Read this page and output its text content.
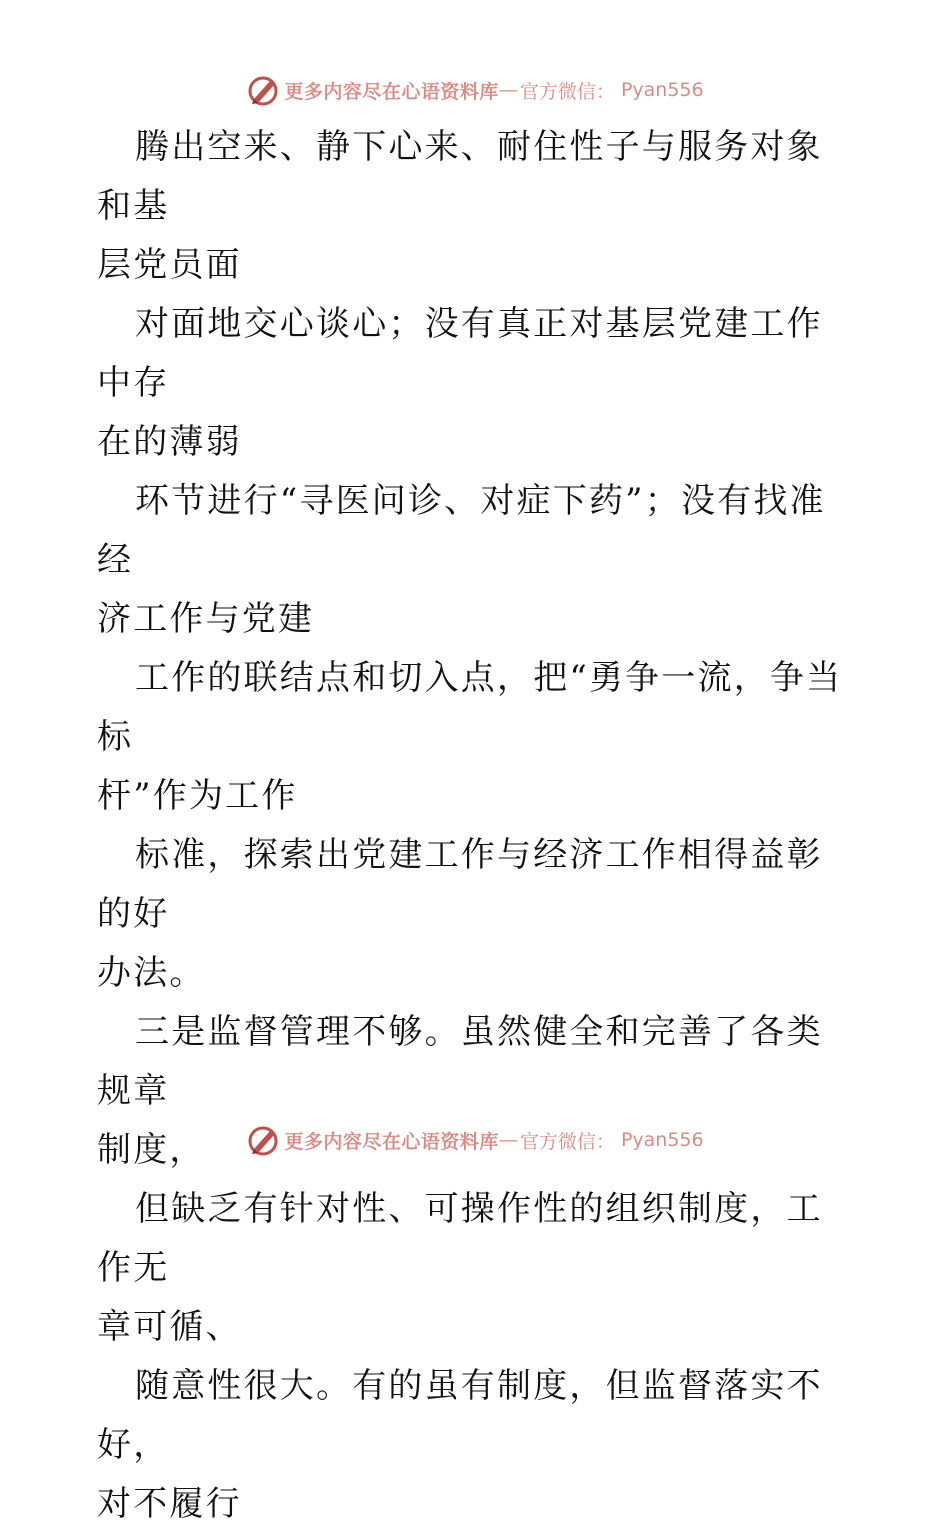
更多内容尽在心语资料库 — 官方微信： Pyan556

腾出空来、静下心来、耐住性子与服务对象和基

层党员面

对面地交心谈心；没有真正对基层党建工作中存

在的薄弱

环节进行“寻医问诊、对症下药”；没有找准经

济工作与党建

工作的联结点和切入点，把“勇争一流，争当标

杆”作为工作

标准，探索出党建工作与经济工作相得益彰的好

办法。

三是监督管理不够。虽然健全和完善了各类规章

制度，

但缺乏有针对性、可操作性的组织制度，工作无

章可循、

随意性很大。有的虽有制度，但监督落实不好，

对不履行

更多内容尽在心语资料库 — 官方微信： Pyan556
